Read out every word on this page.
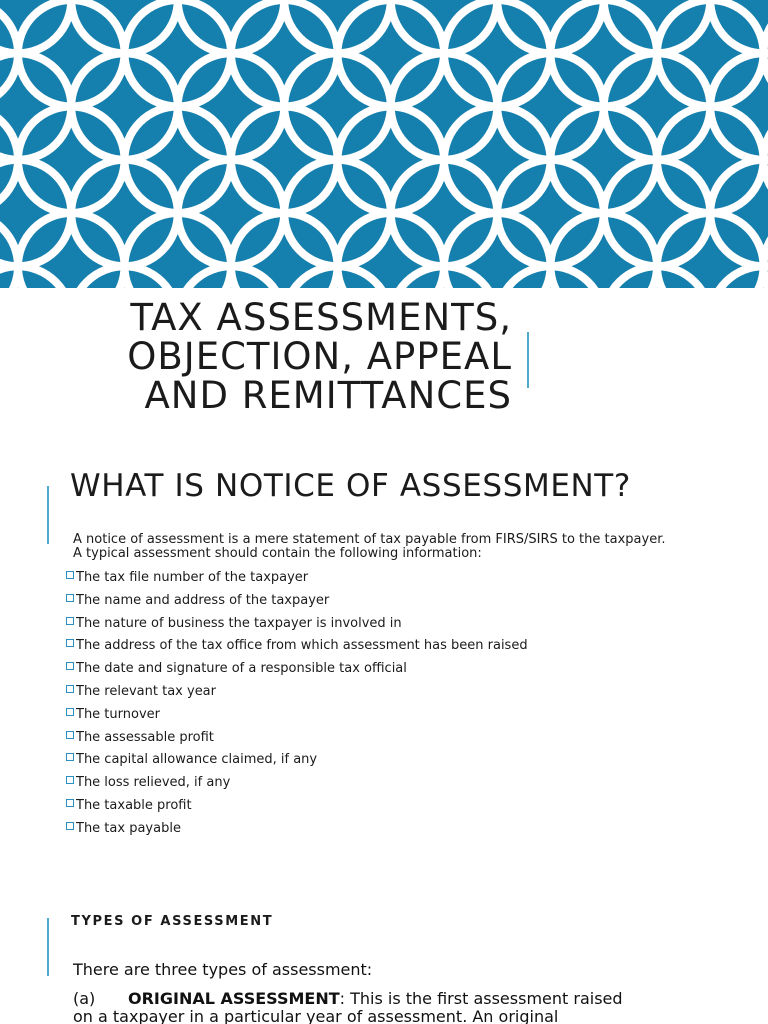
TAX ASSESSMENTS,
OBJECTION, APPEAL
AND REMITTANCES
WHAT IS NOTICE OF ASSESSMENT?

A notice of assessment is a mere statement of tax payable from FIRS/SIRS to the taxpayer. A typical assessment should contain the following information:

The tax file number of the taxpayer
The name and address of the taxpayer
The nature of business the taxpayer is involved in
The address of the tax office from which assessment has been raised
The date and signature of a responsible tax official
The relevant tax year
The turnover
The assessable profit
The capital allowance claimed, if any
The loss relieved, if any
The taxable profit
The tax payable
TYPES OF ASSESSMENT

There are three types of assessment:

(a) ORIGINAL ASSESSMENT: This is the first assessment raised
on a taxpayer in a particular year of assessment. An original
